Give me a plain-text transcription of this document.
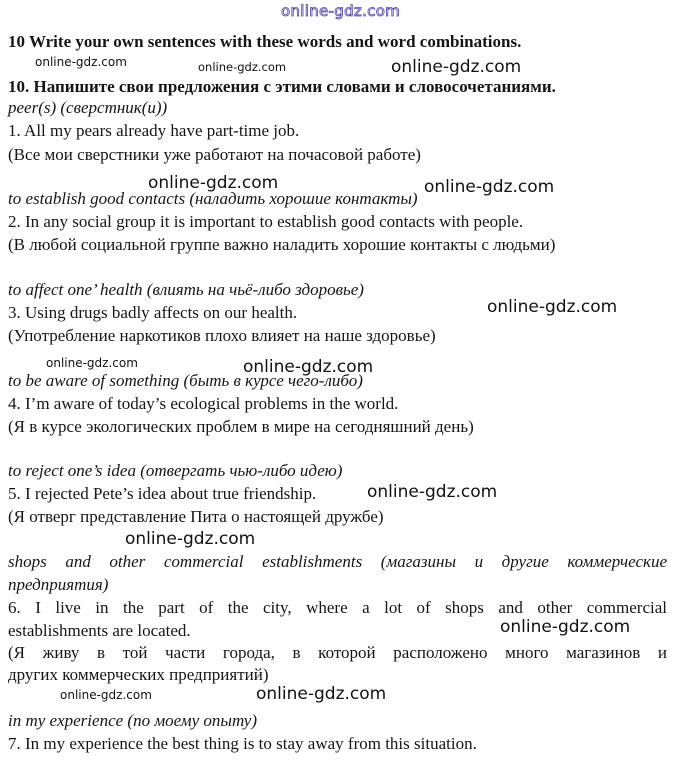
online-gdz.com
online-gdz.com	online-gdz.com	online-gdz.com
online-gdz.com	online-gdz.com
online-gdz.com
online-gdz.com	online-gdz.com
online-gdz.com
online-gdz.com
online-gdz.com
online-gdz.com	online-gdz.com
10 Write your own sentences with these words and word combinations.
10. Напишите свои предложения с этими словами и словосочетаниями.
peer(s) (сверстник(и))
1. All my pears already have part-time job.
(Все мои сверстники уже работают на почасовой работе)
to establish good contacts (наладить хорошие контакты)
2. In any social group it is important to establish good contacts with people.
(В любой социальной группе важно наладить хорошие контакты с людьми)
to affect one’ health (влиять на чьё-либо здоровье)
3. Using drugs badly affects on our health.
(Употребление наркотиков плохо влияет на наше здоровье)
to be aware of something (быть в курсе чего-либо)
4. I’m aware of today’s ecological problems in the world.
(Я в курсе экологических проблем в мире на сегодняшний день)
to reject one’s idea (отвергать чью-либо идею)
5. I rejected Pete’s idea about true friendship.
(Я отверг представление Пита о настоящей дружбе)
shops and other commercial establishments (магазины и другие коммерческие
предприятия)
6. I live in the part of the city, where a lot of shops and other commercial
establishments are located.
(Я живу в той части города, в которой расположено много магазинов и
других коммерческих предприятий)
in my experience (по моему опыту)
7. In my experience the best thing is to stay away from this situation.
